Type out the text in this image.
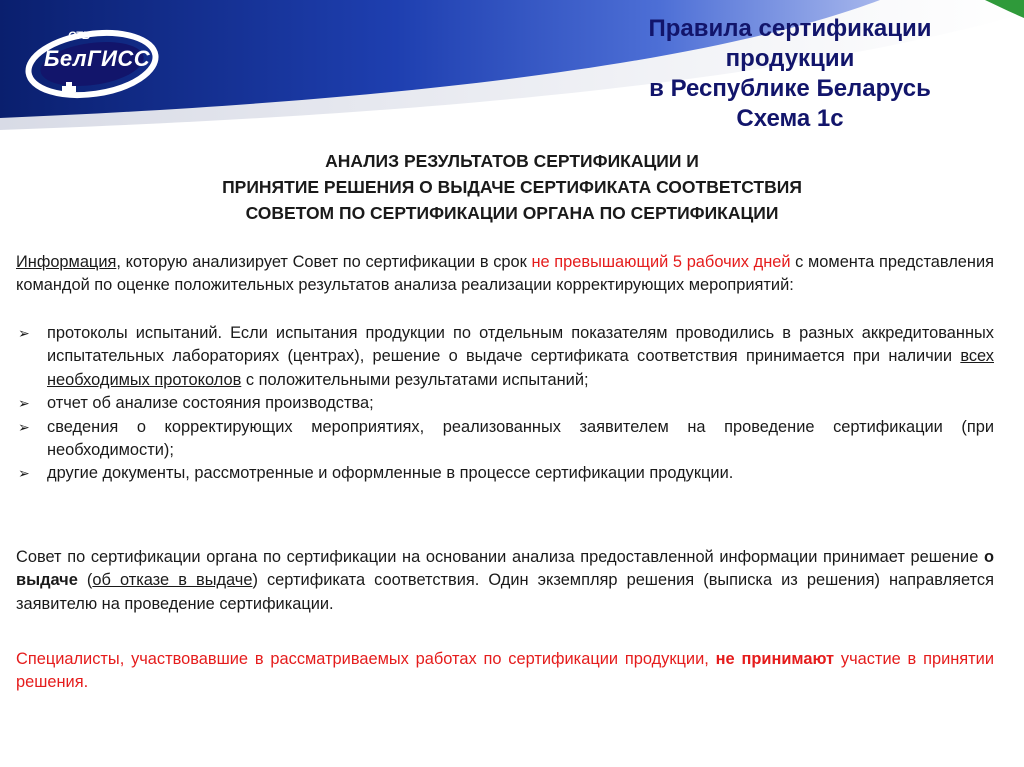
СТБ
БелГИСС
Правила сертификации
продукции
в Республике Беларусь
Схема 1с
АНАЛИЗ РЕЗУЛЬТАТОВ СЕРТИФИКАЦИИ И
ПРИНЯТИЕ РЕШЕНИЯ О ВЫДАЧЕ СЕРТИФИКАТА СООТВЕТСТВИЯ
СОВЕТОМ ПО СЕРТИФИКАЦИИ ОРГАНА ПО СЕРТИФИКАЦИИ
Информация, которую анализирует Совет по сертификации в срок не превышающий 5 рабочих дней с момента представления командой по оценке положительных результатов анализа реализации корректирующих мероприятий:
➢ протоколы испытаний. Если испытания продукции по отдельным показателям проводились в разных аккредитованных испытательных лабораториях (центрах), решение о выдаче сертификата соответствия принимается при наличии всех необходимых протоколов с положительными результатами испытаний;
➢ отчет об анализе состояния производства;
➢ сведения о корректирующих мероприятиях, реализованных заявителем на проведение сертификации (при необходимости);
➢ другие документы, рассмотренные и оформленные в процессе сертификации продукции.
Совет по сертификации органа по сертификации на основании анализа предоставленной информации принимает решение о выдаче (об отказе в выдаче) сертификата соответствия. Один экземпляр решения (выписка из решения) направляется заявителю на проведение сертификации.
Специалисты, участвовавшие в рассматриваемых работах по сертификации продукции, не принимают участие в принятии решения.
